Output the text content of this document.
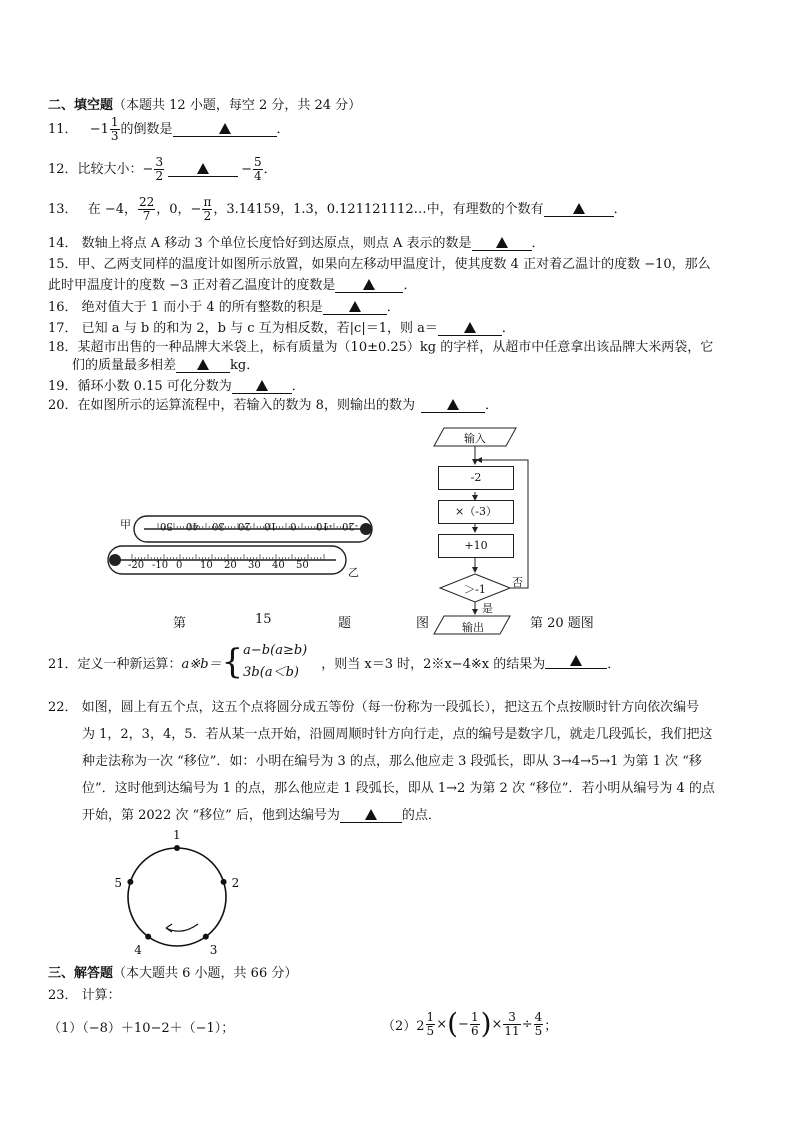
二、填空题（本题共 12 小题，每空 2 分，共 24 分）
11． $-1 \frac{1}{3}$ 的倒数是	．
12．比较大小：− $\frac{3}{2}$	− $\frac{5}{4}$ ．
13． 在 −4， $\frac{22}{7}$ ，0，− $\frac{\pi}{2}$ ，3.14159，1.3，0.121121112…中，有理数的个数有	．
14． 数轴上将点 A 移动 3 个单位长度恰好到达原点，则点 A 表示的数是	．
15．甲、乙两支同样的温度计如图所示放置，如果向左移动甲温度计，使其度数 4 正对着乙温计的度数 −10，那么
此时甲温度计的度数 −3 正对着乙温度计的度数是	．
16． 绝对值大于 1 而小于 4 的所有整数的积是	．
17． 已知 a 与 b 的和为 2，b 与 c 互为相反数，若|c|＝1，则 a＝	．
18．某超市出售的一种品牌大米袋上，标有质量为（10±0.25）kg 的字样，从超市中任意拿出该品牌大米两袋，它
们的质量最多相差	kg．
19．循环小数 0.15 可化分数为	．
20．在如图所示的运算流程中，若输入的数为 8，则输出的数为	．
甲
乙
50 40 30 20 10 0 -10 -20
-20 -10 0 10 20 30 40 50
第	15	题	图
输入
-2
×（-3）
+10
＞-1
否
是
输出	第 20 题图
21．定义一种新运算： a※b＝ { a−b(a≥b)
3b(a＜b)
，则当 x＝3 时，2※x−4※x 的结果为	．
22． 如图，圆上有五个点，这五个点将圆分成五等份（每一份称为一段弧长），把这五个点按顺时针方向依次编号
为 1，2，3，4，5．若从某一点开始，沿圆周顺时针方向行走，点的编号是数字几，就走几段弧长，我们把这
种走法称为一次 “移位”．如：小明在编号为 3 的点，那么他应走 3 段弧长，即从 3→4→5→1 为第 1 次 “移
位”．这时他到达编号为 1 的点，那么他应走 1 段弧长，即从 1→2 为第 2 次 “移位”．若小明从编号为 4 的点
开始，第 2022 次 “移位” 后，他到达编号为	的点．
1
2
3
4
5
三、解答题（本大题共 6 小题，共 66 分）
23． 计算：
（1）（−8）＋10−2＋（−1）；	$(2)2 \frac{1}{5}$ × ( − $\frac{1}{6}$ ) × $\frac{3}{11} \div \frac{4}{5}$ ；
